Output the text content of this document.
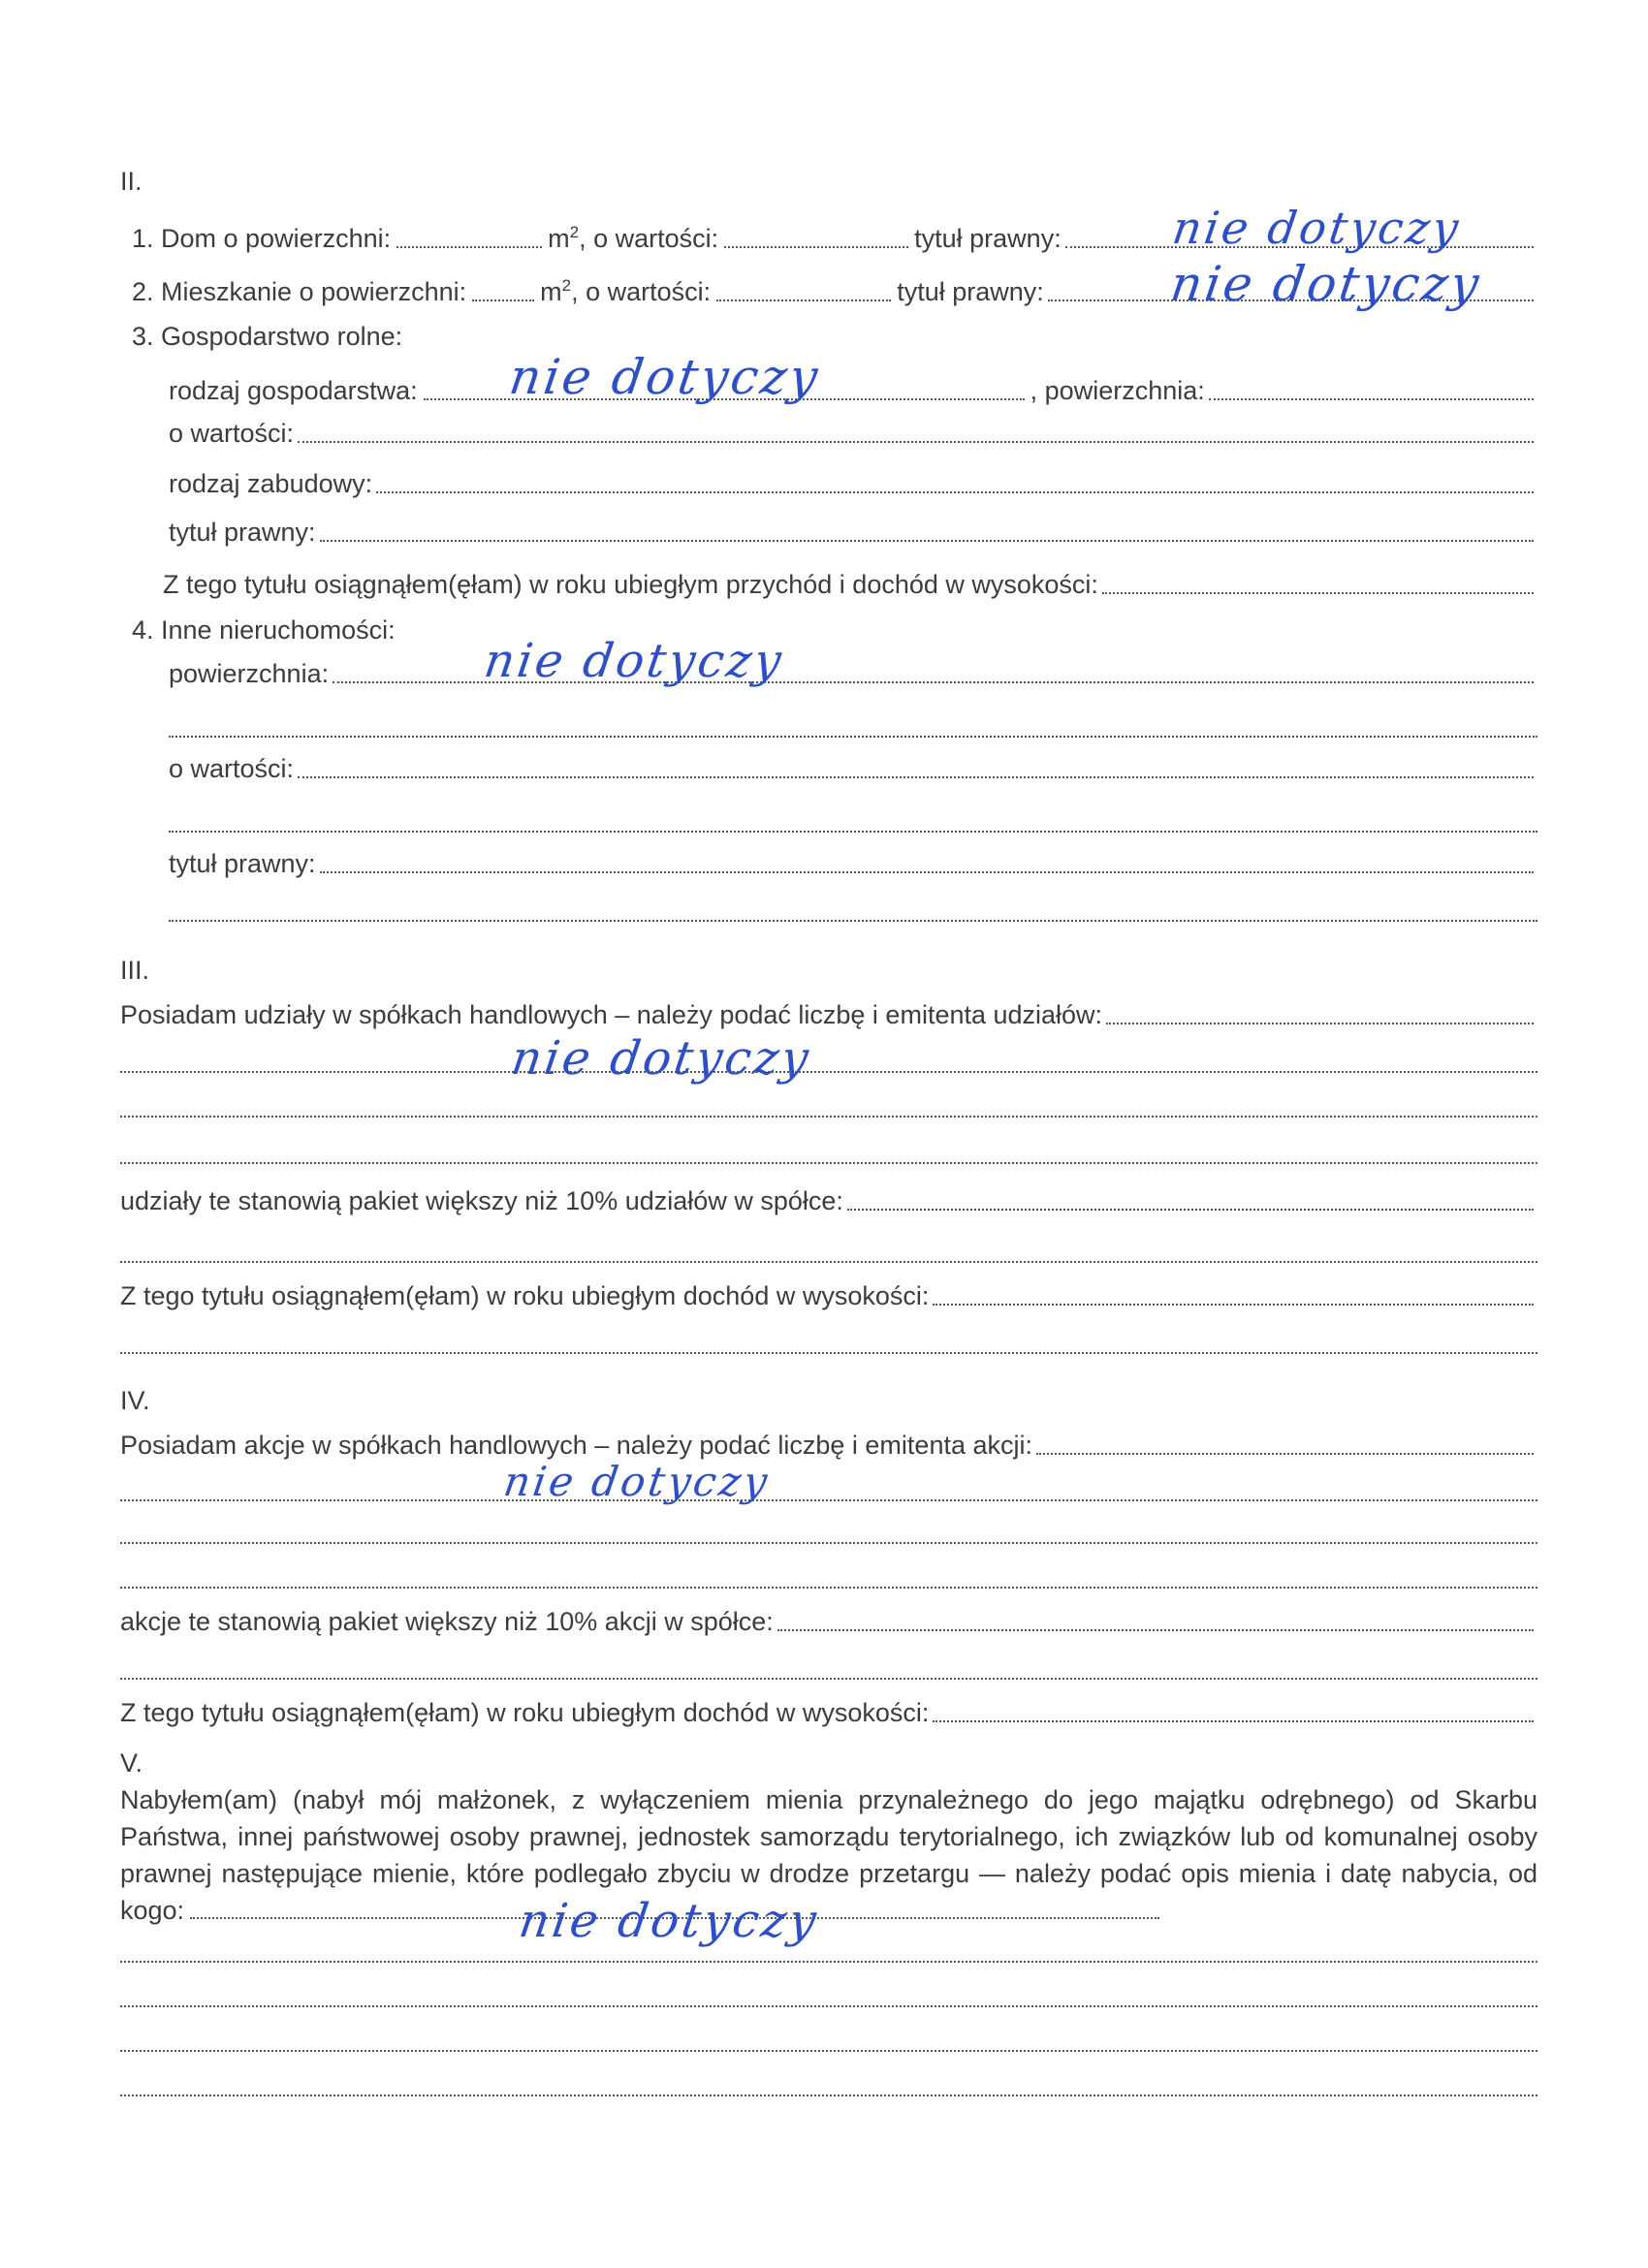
II.
1. Dom o powierzchni:	$m^2$ , o wartości:	tytuł prawny:
2. Mieszkanie o powierzchni:	$m^2$ , o wartości:	tytuł prawny:
3. Gospodarstwo rolne:
rodzaj gospodarstwa:	, powierzchnia:
o wartości:
rodzaj zabudowy:
tytuł prawny:
Z tego tytułu osiągnąłem(ęłam) w roku ubiegłym przychód i dochód w wysokości:
4. Inne nieruchomości:
powierzchnia:
o wartości:
tytuł prawny:
III.
Posiadam udziały w spółkach handlowych – należy podać liczbę i emitenta udziałów:
udziały te stanowią pakiet większy niż 10% udziałów w spółce:
Z tego tytułu osiągnąłem(ęłam) w roku ubiegłym dochód w wysokości:
IV.
Posiadam akcje w spółkach handlowych – należy podać liczbę i emitenta akcji:
akcje te stanowią pakiet większy niż 10% akcji w spółce:
Z tego tytułu osiągnąłem(ęłam) w roku ubiegłym dochód w wysokości:
V.
Nabyłem(am) (nabył mój małżonek, z wyłączeniem mienia przynależnego do jego majątku odrębnego) od Skarbu Państwa, innej państwowej osoby prawnej, jednostek samorządu terytorialnego, ich związków lub od komunalnej osoby prawnej następujące mienie, które podlegało zbyciu w drodze przetargu — należy podać opis mienia i datę nabycia, od kogo:
nie dotyczy
nie dotyczy
nie dotyczy
nie dotyczy
nie dotyczy
nie dotyczy
nie dotyczy
